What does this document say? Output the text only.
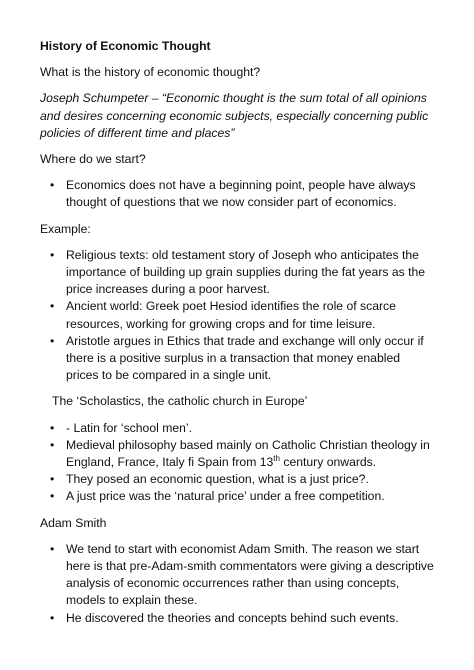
History of Economic Thought

What is the history of economic thought?

Joseph Schumpeter – “Economic thought is the sum total of all opinions and desires concerning economic subjects, especially concerning public policies of different time and places”

Where do we start?

• Economics does not have a beginning point, people have always thought of questions that we now consider part of economics.

Example:

• Religious texts: old testament story of Joseph who anticipates the importance of building up grain supplies during the fat years as the price increases during a poor harvest.
• Ancient world: Greek poet Hesiod identifies the role of scarce resources, working for growing crops and for time leisure.
• Aristotle argues in Ethics that trade and exchange will only occur if there is a positive surplus in a transaction that money enabled prices to be compared in a single unit.

The ‘Scholastics, the catholic church in Europe’

• - Latin for ‘school men’.
• Medieval philosophy based mainly on Catholic Christian theology in England, France, Italy fi Spain from 13th century onwards.
• They posed an economic question, what is a just price?.
• A just price was the ‘natural price’ under a free competition.

Adam Smith

• We tend to start with economist Adam Smith. The reason we start here is that pre-Adam-smith commentators were giving a descriptive analysis of economic occurrences rather than using concepts, models to explain these.
• He discovered the theories and concepts behind such events.
